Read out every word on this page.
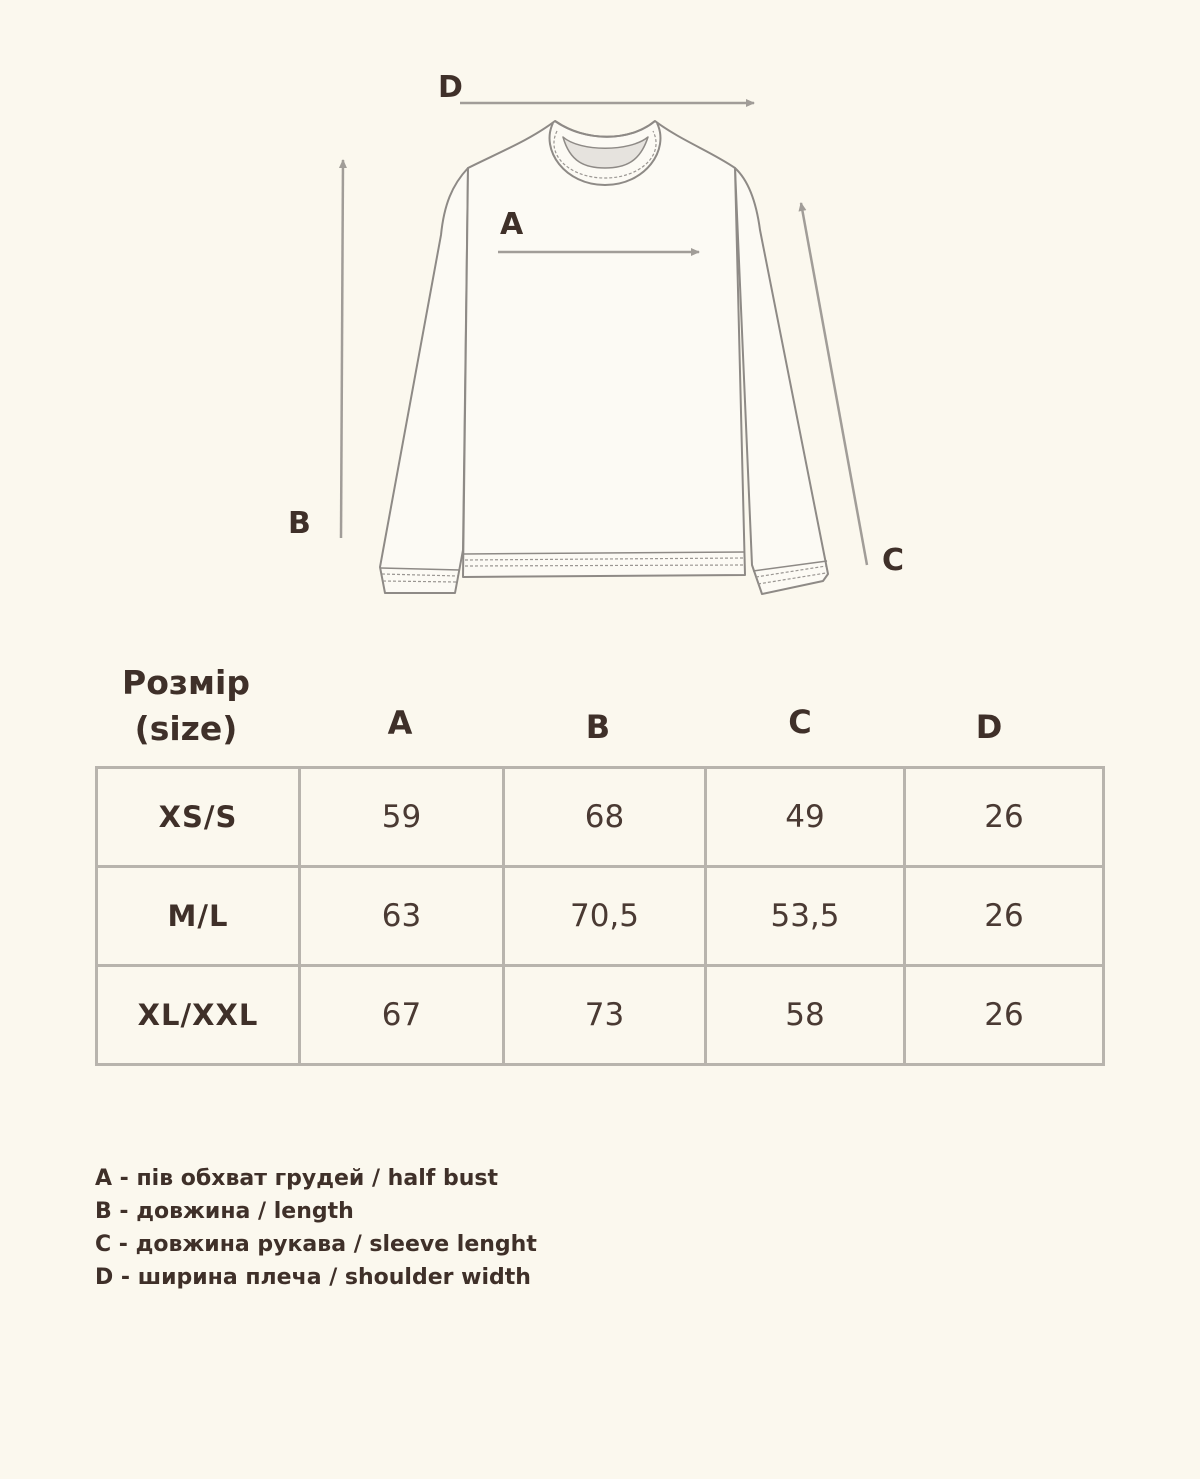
D
A
B
C
Розмір
(size)	A	B	C	D
XS/S	59	68	49	26
M/L	63	70,5	53,5	26
XL/XXL	67	73	58	26
A - пів обхват грудей / half bust
B - довжина / length
C - довжина рукава / sleeve lenght
D - ширина плеча / shoulder width
